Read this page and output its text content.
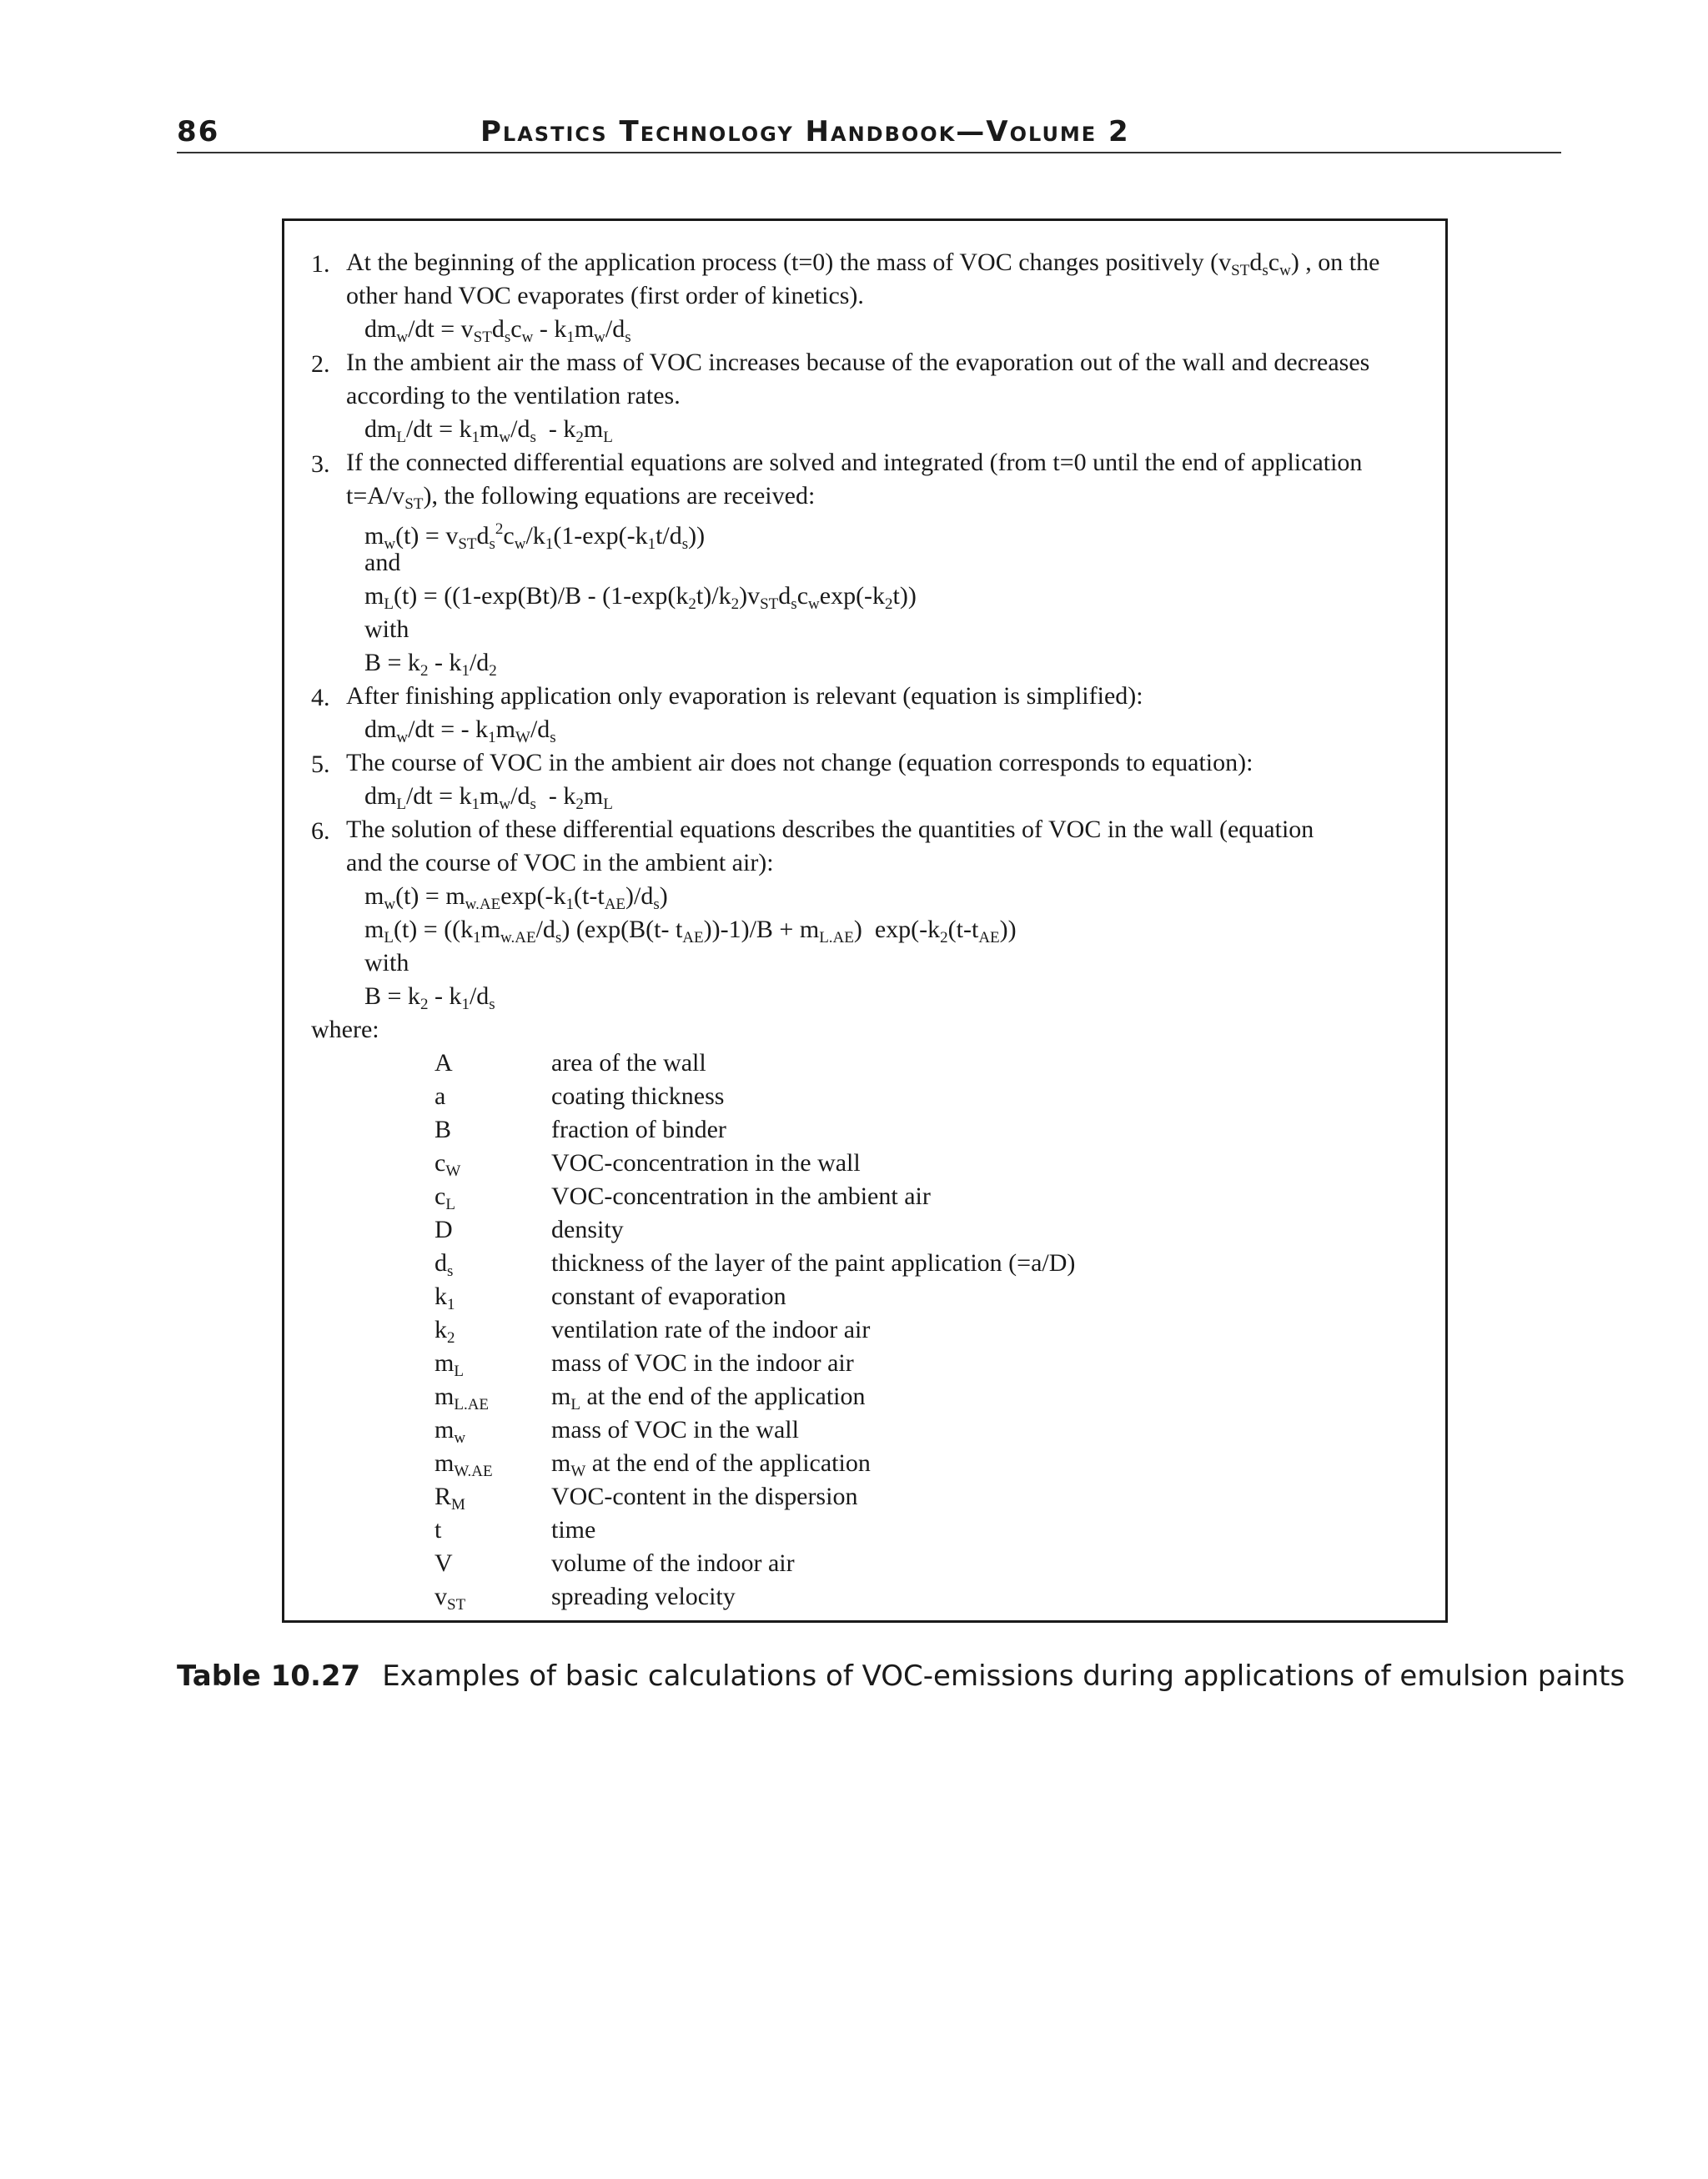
86	Plastics Technology Handbook—Volume 2
1. At the beginning of the application process (t=0) the mass of VOC changes positively $(v_{ST}d_sc_w)$ , on the
other hand VOC evaporates (first order of kinetics).
$dm_w/dt = v_{ST}d_sc_w - k_1m_w/d_s$
2. In the ambient air the mass of VOC increases because of the evaporation out of the wall and decreases
according to the ventilation rates.
$dm_L/dt = k_1m_w/d_s - k_2m_L$
3. If the connected differential equations are solved and integrated (from t=0 until the end of application
$t=A/v_{ST}$), the following equations are received:
$m_w(t) = v_{ST}d_s^2c_w/k_1(1-\exp(-k_1t/d_s))$
and
$m_L(t) = ((1-\exp(Bt)/B - (1-\exp(k_2t)/k_2)v_{ST}d_sc_w\exp(-k_2t))$
with
$B = k_2 - k_1/d_2$
4. After finishing application only evaporation is relevant (equation is simplified):
$dm_w/dt$ = - $k_1m_W/d_s$
5. The course of VOC in the ambient air does not change (equation corresponds to equation):
$dm_L/dt = k_1m_w/d_s - k_2m_L$
6. The solution of these differential equations describes the quantities of VOC in the wall (equation
and the course of VOC in the ambient air):
$m_w(t) = m_{w.AE}\exp(-k_1(t-t_{AE})/d_s)$
$m_L(t) = ((k_1m_{w.AE}/d_s)$ (exp(B(t- $t_{AE}))-1)/B + m_{L.AE}$)  $\exp(-k_2(t-t_{AE}))$
with
$B = k_2 - k_1/d_s$
where:
A	area of the wall
a	coating thickness
B	fraction of binder
$c_W$	VOC-concentration in the wall
$c_L$	VOC-concentration in the ambient air
D	density
$d_s$	thickness of the layer of the paint application (=a/D)
$k_1$	constant of evaporation
$k_2$	ventilation rate of the indoor air
$m_L$	mass of VOC in the indoor air
$m_{L.AE}$ $m_L$ at the end of the application
$m_w$	mass of VOC in the wall
$m_{W.AE}$ $m_W$ at the end of the application
$R_M$	VOC-content in the dispersion
t	time
V	volume of the indoor air
$v_{ST}$	spreading velocity
Table 10.27 Examples of basic calculations of VOC-emissions during applications of emulsion paints
